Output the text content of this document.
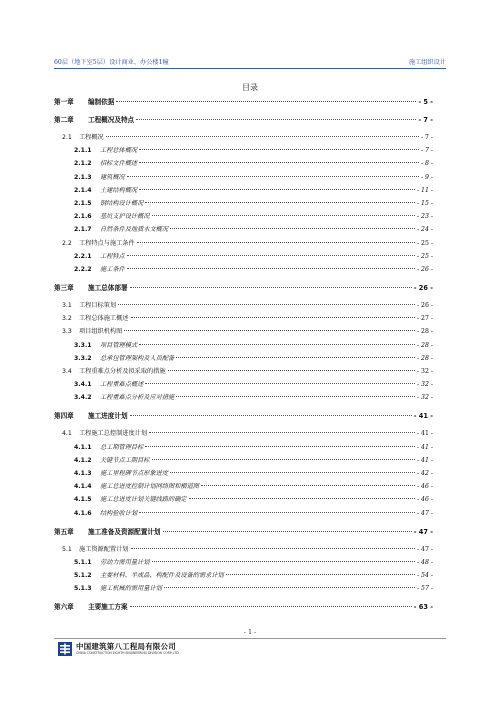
60层（地下室5层）设计商业、办公楼1幢	施工组织设计
目录
第一章	编制依据	- 5 -
第二章	工程概况及特点	- 7 -
2.1	工程概况	- 7 -
2.1.1	工程总体概况	- 7 -
2.1.2	招标文件概述	- 8 -
2.1.3	建筑概况	- 9 -
2.1.4	土建结构概况	- 11 -
2.1.5	钢结构设计概况	- 15 -
2.1.6	基坑支护设计概况	- 23 -
2.1.7	自然条件及地质水文概况	- 24 -
2.2	工程特点与施工条件	- 25 -
2.2.1	工程特点	- 25 -
2.2.2	施工条件	- 26 -
第三章	施工总体部署	- 26 -
3.1	工程目标策划	- 26 -
3.2	工程总体施工概述	- 27 -
3.3	项目组织机构图	- 28 -
3.3.1	项目管理模式	- 28 -
3.3.2	总承包管理架构及人员配备	- 28 -
3.4	工程重难点分析及拟采取的措施	- 32 -
3.4.1	工程重难点概述	- 32 -
3.4.2	工程重难点分析及应对措施	- 32 -
第四章	施工进度计划	- 41 -
4.1	工程施工总控制进度计划	- 41 -
4.1.1	总工期管理目标	- 41 -
4.1.2	关键节点工期目标	- 41 -
4.1.3	施工里程碑节点形象进度	- 42 -
4.1.4	施工总进度控制计划网络图和横道图	- 46 -
4.1.5	施工总进度计划关键线路的确定	- 46 -
4.1.6	结构验收计划	- 47 -
第五章	施工准备及资源配置计划	- 47 -
5.1	施工资源配置计划	- 47 -
5.1.1	劳动力需用量计划	- 48 -
5.1.2	主要材料、半成品、构配件及设备的需求计划	- 54 -
5.1.3	施工机械的需用量计划	- 57 -
第六章	主要施工方案	- 63 -
- 1 -
中国建筑第八工程局有限公司
CHINA CONSTRUCTION EIGHTH ENGINEERING DIVISION CORP.,LTD
